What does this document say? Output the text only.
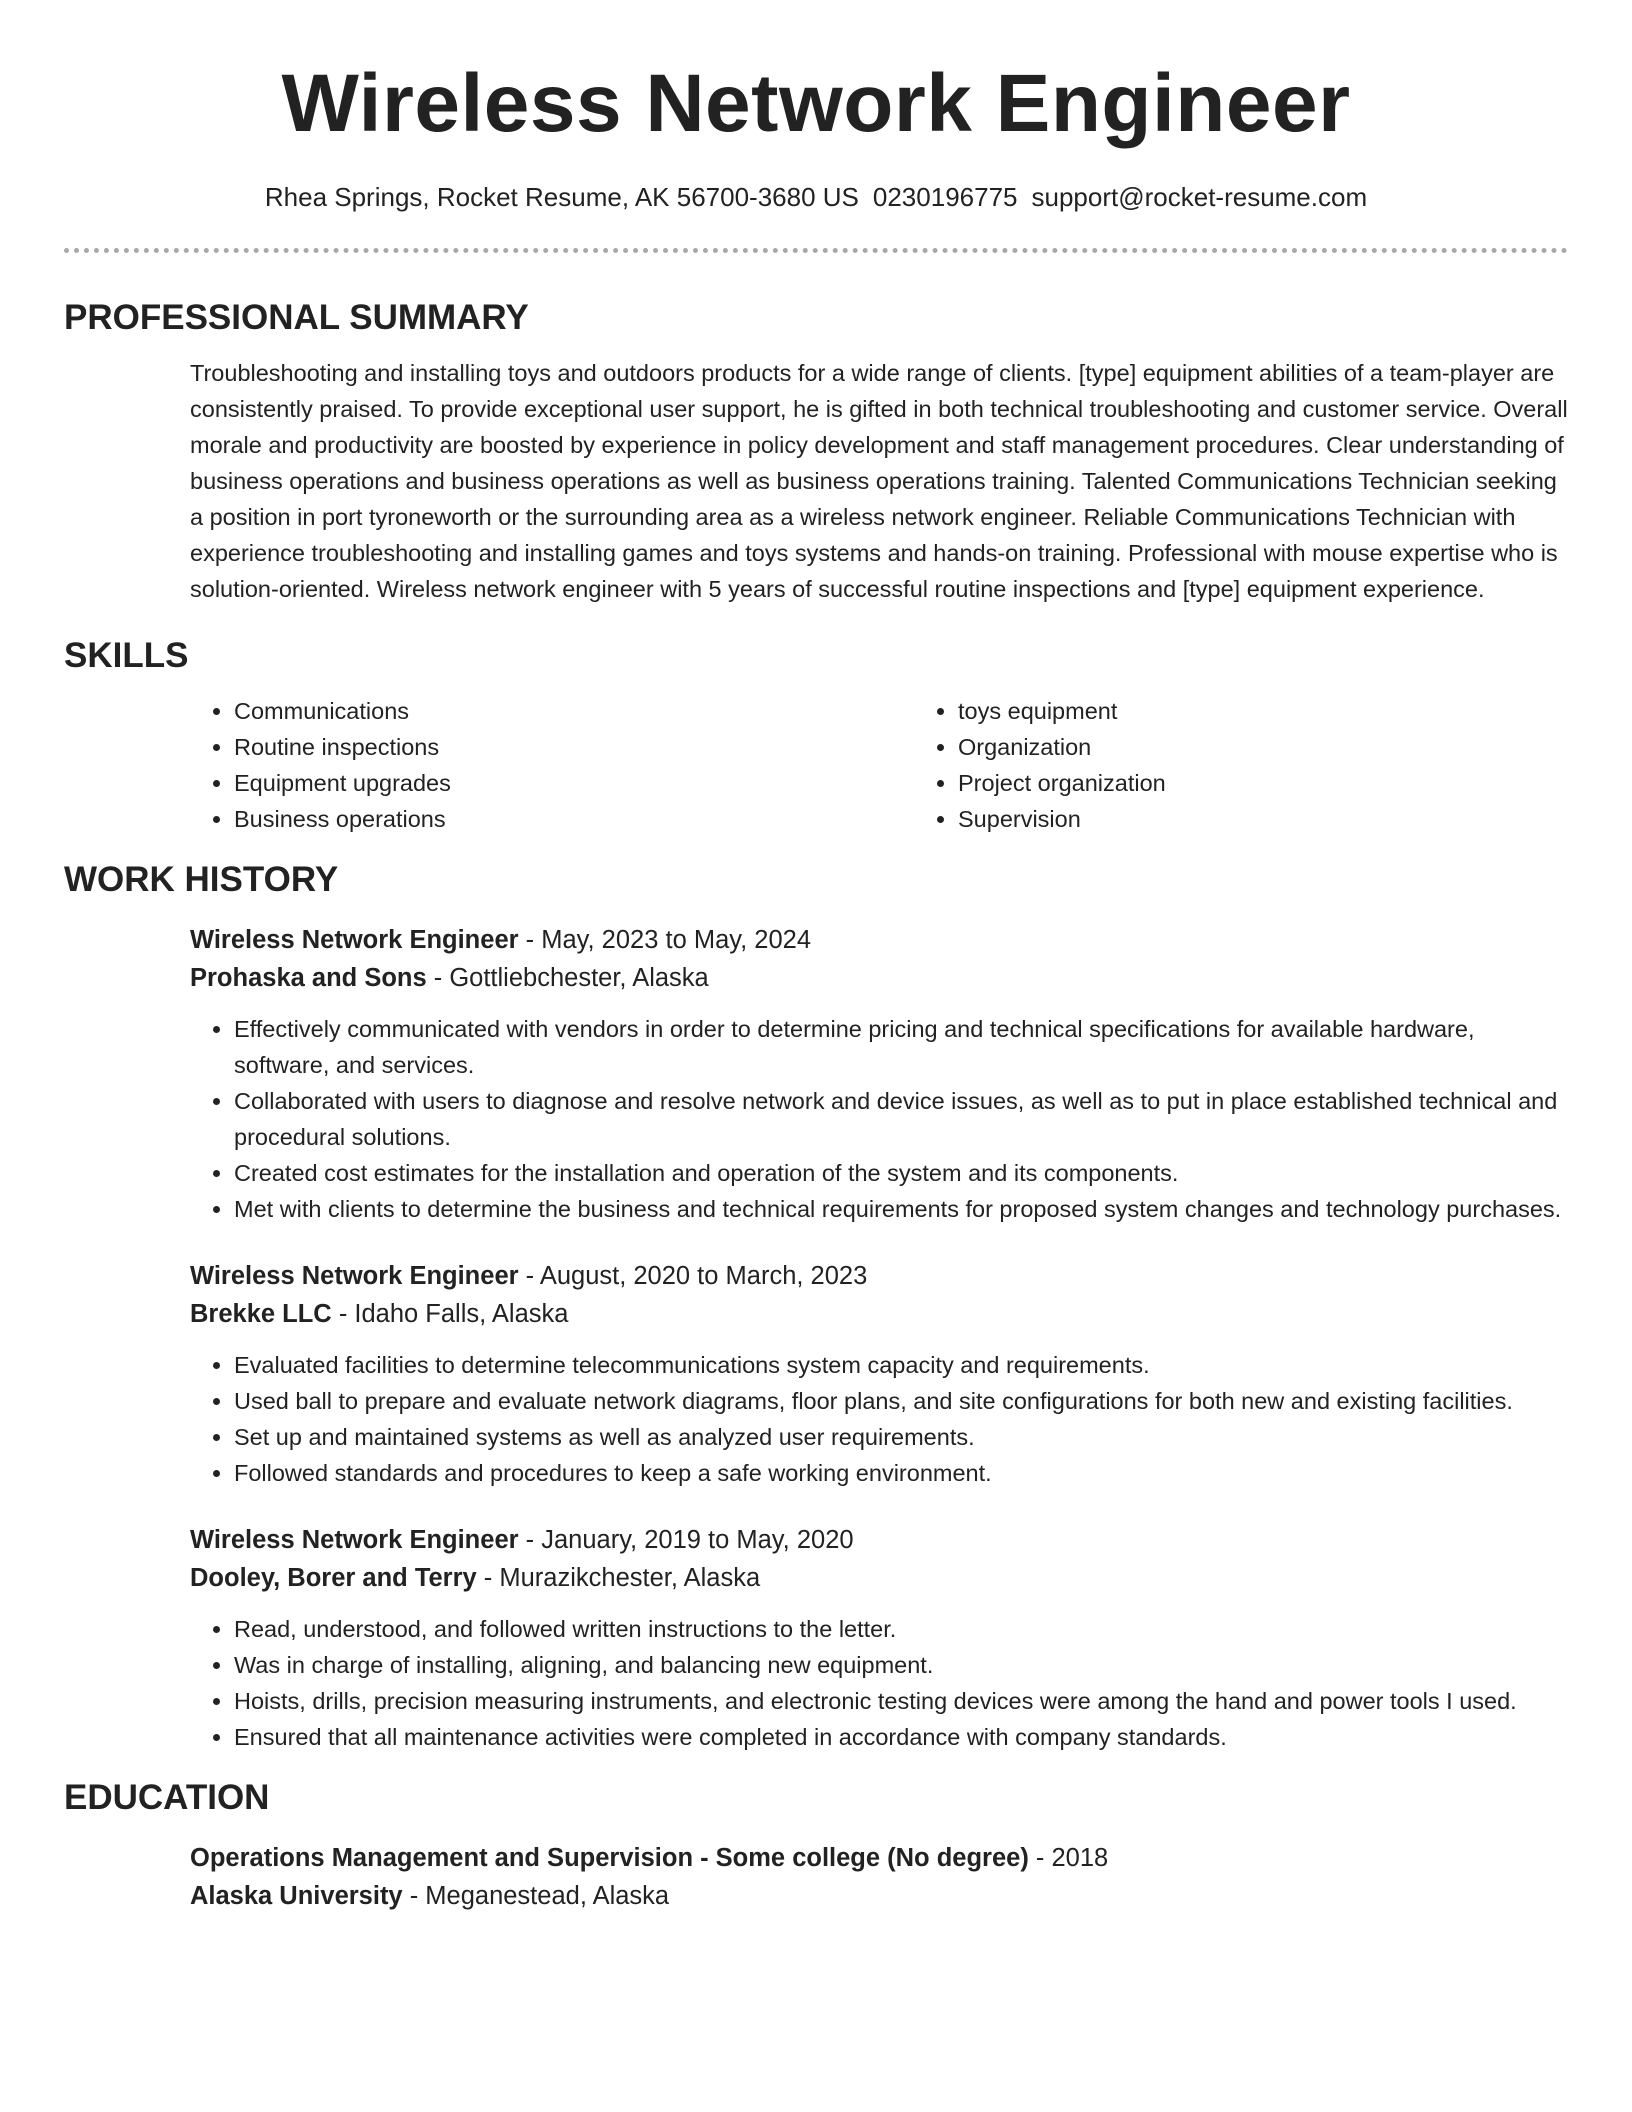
Wireless Network Engineer
Rhea Springs, Rocket Resume, AK 56700-3680 US 0230196775 support@rocket-resume.com
PROFESSIONAL SUMMARY

Troubleshooting and installing toys and outdoors products for a wide range of clients. [type] equipment abilities of a team-player are consistently praised. To provide exceptional user support, he is gifted in both technical troubleshooting and customer service. Overall morale and productivity are boosted by experience in policy development and staff management procedures. Clear understanding of business operations and business operations as well as business operations training. Talented Communications Technician seeking a position in port tyroneworth or the surrounding area as a wireless network engineer. Reliable Communications Technician with experience troubleshooting and installing games and toys systems and hands-on training. Professional with mouse expertise who is solution-oriented. Wireless network engineer with 5 years of successful routine inspections and [type] equipment experience.

SKILLS
• Communications
• Routine inspections
• Equipment upgrades
• Business operations
• toys equipment
• Organization
• Project organization
• Supervision
WORK HISTORY
Wireless Network Engineer - May, 2023 to May, 2024
Prohaska and Sons - Gottliebchester, Alaska
• Effectively communicated with vendors in order to determine pricing and technical specifications for available hardware, software, and services.
• Collaborated with users to diagnose and resolve network and device issues, as well as to put in place established technical and procedural solutions.
• Created cost estimates for the installation and operation of the system and its components.
• Met with clients to determine the business and technical requirements for proposed system changes and technology purchases.
Wireless Network Engineer - August, 2020 to March, 2023
Brekke LLC - Idaho Falls, Alaska
• Evaluated facilities to determine telecommunications system capacity and requirements.
• Used ball to prepare and evaluate network diagrams, floor plans, and site configurations for both new and existing facilities.
• Set up and maintained systems as well as analyzed user requirements.
• Followed standards and procedures to keep a safe working environment.
Wireless Network Engineer - January, 2019 to May, 2020
Dooley, Borer and Terry - Murazikchester, Alaska
• Read, understood, and followed written instructions to the letter.
• Was in charge of installing, aligning, and balancing new equipment.
• Hoists, drills, precision measuring instruments, and electronic testing devices were among the hand and power tools I used.
• Ensured that all maintenance activities were completed in accordance with company standards.
EDUCATION
Operations Management and Supervision - Some college (No degree) - 2018
Alaska University - Meganestead, Alaska
